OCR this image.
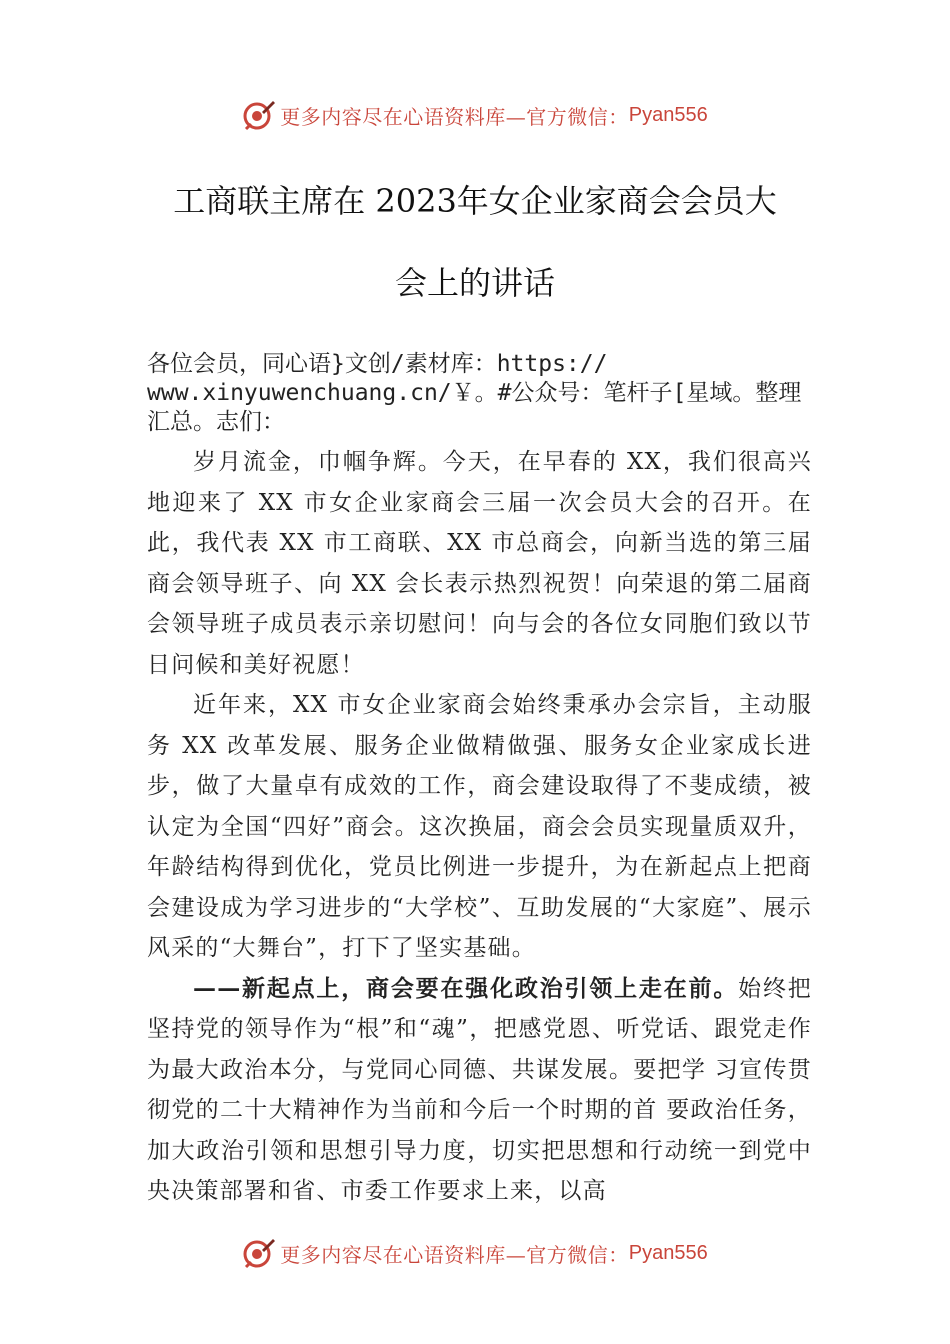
更多内容尽在心语资料库—官方微信： Pyan556
工商联主席在 2023年女企业家商会会员大
会上的讲话
各位会员，同心语}文创/素材库：https://
www.xinyuwenchuang.cn/￥。#公众号：笔杆子[星域。整理
汇总。志们：

岁月流金，巾帼争辉。今天，在早春的 XX，我们很高兴地迎来了 XX 市女企业家商会三届一次会员大会的召开。在此，我代表 XX 市工商联、XX 市总商会，向新当选的第三届商会领导班子、向 XX 会长表示热烈祝贺！向荣退的第二届商会领导班子成员表示亲切慰问！向与会的各位女同胞们致以节日问候和美好祝愿！

近年来，XX 市女企业家商会始终秉承办会宗旨，主动服务 XX 改革发展、服务企业做精做强、服务女企业家成长进步，做了大量卓有成效的工作，商会建设取得了不斐成绩，被认定为全国“四好”商会。这次换届，商会会员实现量质双升，年龄结构得到优化，党员比例进一步提升，为在新起点上把商会建设成为学习进步的“大学校”、互助发展的“大家庭”、展示风采的“大舞台”，打下了坚实基础。

——新起点上，商会要在强化政治引领上走在前。始终把坚持党的领导作为“根”和“魂”，把感党恩、听党话、跟党走作为最大政治本分，与党同心同德、共谋发展。要把学 习宣传贯彻党的二十大精神作为当前和今后一个时期的首 要政治任务，加大政治引领和思想引导力度，切实把思想和行动统一到党中央决策部署和省、市委工作要求上来，以高

更多内容尽在心语资料库—官方微信： Pyan556
